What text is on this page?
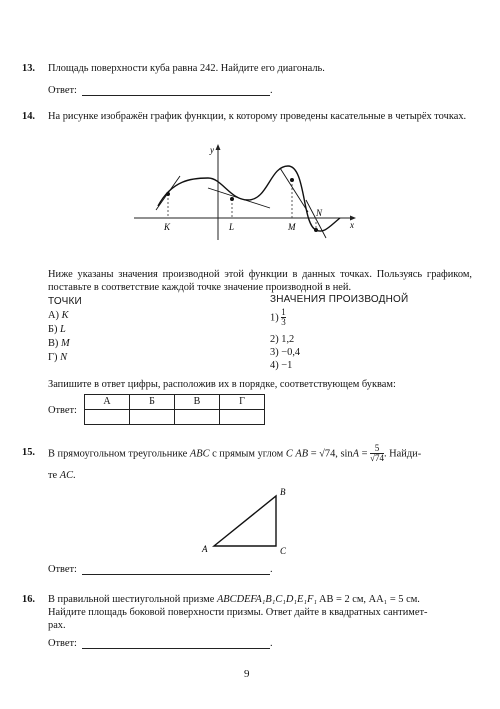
13. Площадь поверхности куба равна 242. Найдите его диагональ.
Ответ:	.
14. На рисунке изображён график функции, к которому проведены касательные в четырёх точках.
y
x
K	L	M
N
Ниже указаны значения производной этой функции в данных точках. Пользуясь графиком, поставьте в соответствие каждой точке значение производной в ней.
ТОЧКИ	ЗНАЧЕНИЯ ПРОИЗВОДНОЙ
А) K
Б) L
В) M
Г) N
$1) \frac{1}{3}$
2) 1,2
3) −0,4
4) −1
Запишите в ответ цифры, расположив их в порядке, соответствующем буквам:
Ответ:
А	Б	В	Г

15. В прямоугольном треугольнике ABC с прямым углом C AB = √74, $\sin A = \frac{5}{√74}$ . Найди-
те AC.
B
A	C
Ответ:	.
16. В правильной шестиугольной призме ABCDEFA₁B₁C₁D₁E₁F₁ AB = 2 см, AA₁ = 5 см.
Найдите площадь боковой поверхности призмы. Ответ дайте в квадратных сантимет-
рах.
Ответ:	.
9
